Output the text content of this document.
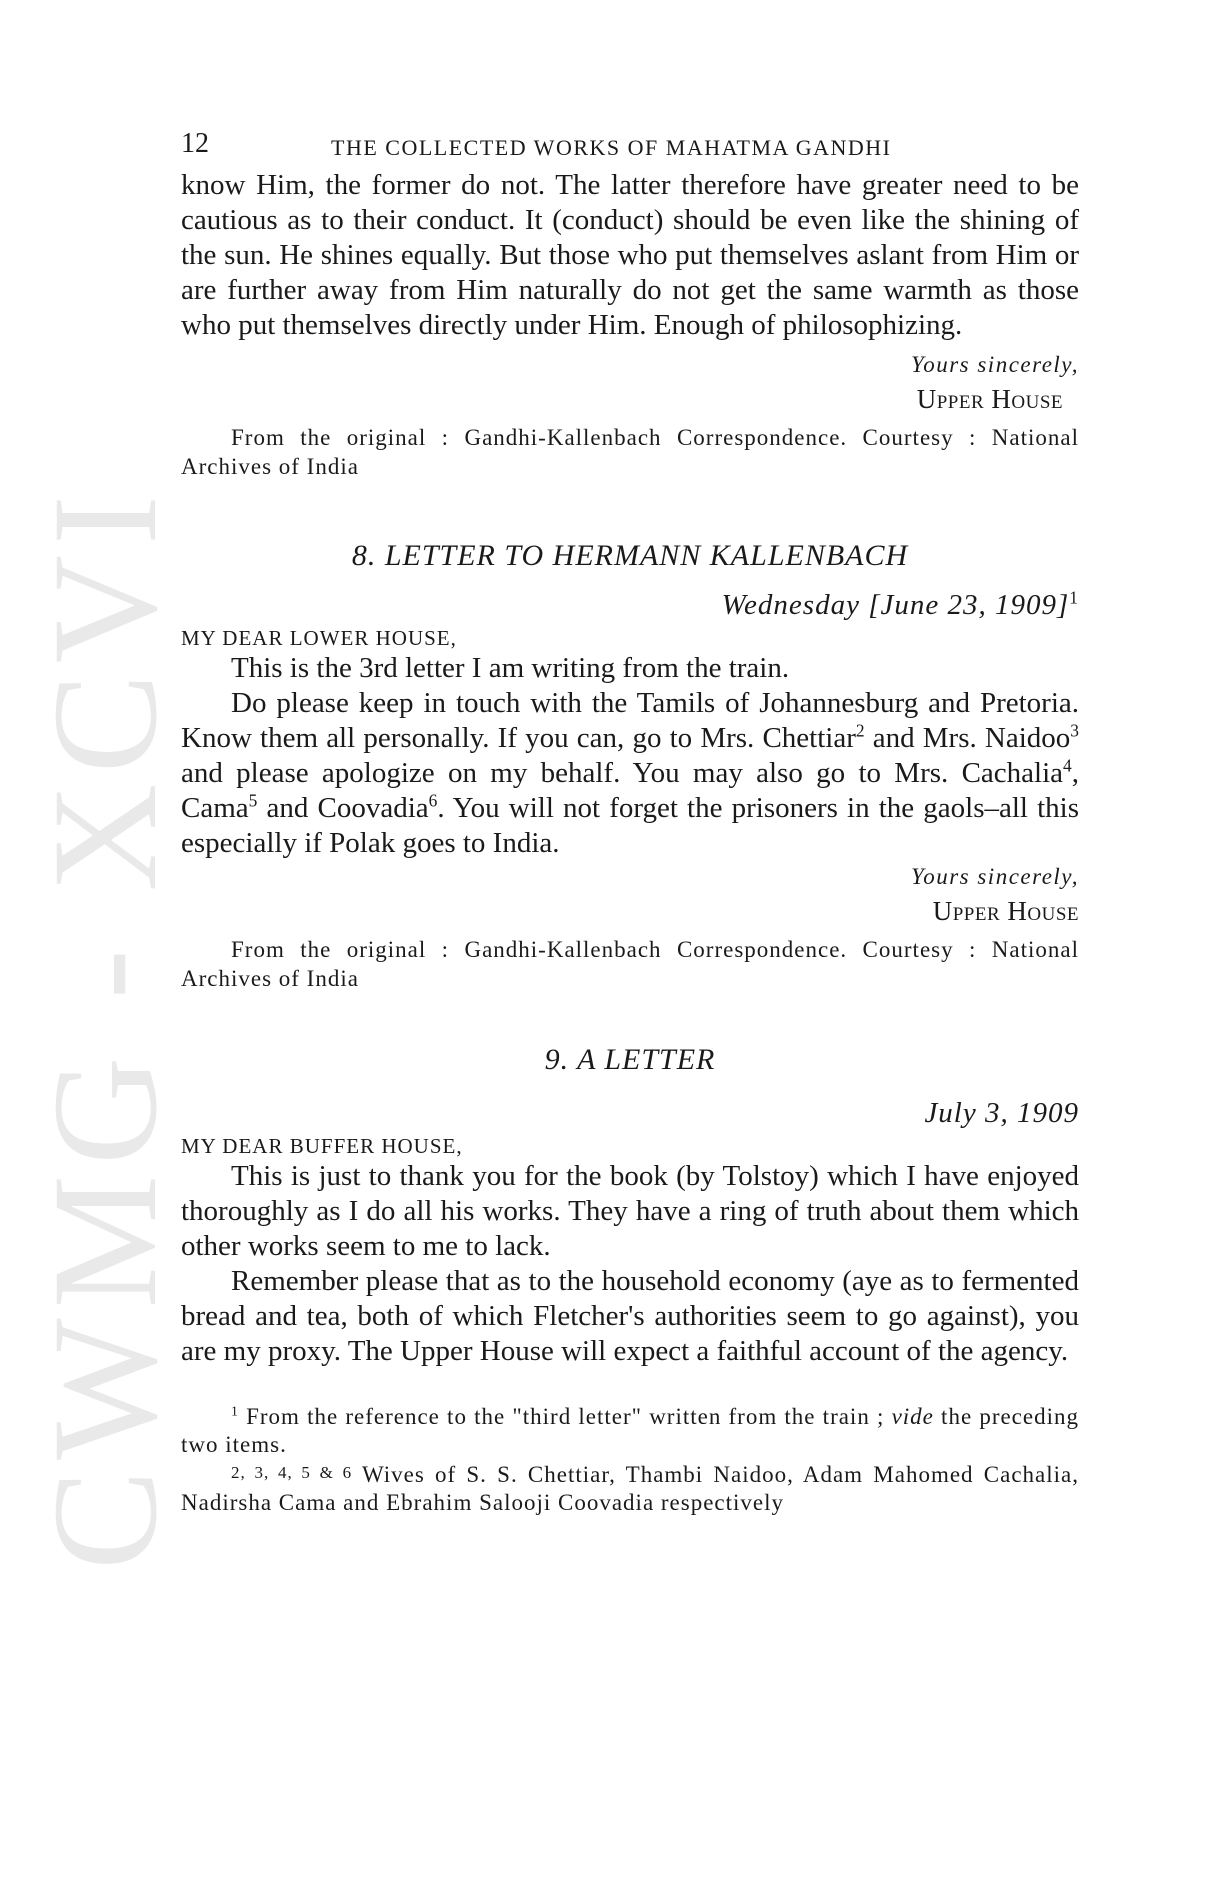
CWMG - XCVI
12	THE COLLECTED WORKS OF MAHATMA GANDHI

know Him, the former do not. The latter therefore have greater need to be cautious as to their conduct. It (conduct) should be even like the shining of the sun. He shines equally. But those who put themselves aslant from Him or are further away from Him naturally do not get the same warmth as those who put themselves directly under Him. Enough of philosophizing.

Yours sincerely,

Upper House

From the original : Gandhi-Kallenbach Correspondence. Courtesy : National Archives of India

8. LETTER TO HERMANN KALLENBACH

Wednesday [June 23, 1909]$^1$

MY DEAR LOWER HOUSE,

This is the 3rd letter I am writing from the train.

Do please keep in touch with the Tamils of Johannesburg and Pretoria. Know them all personally. If you can, go to Mrs. Chettiar$^2$ and Mrs. Naidoo$^3$ and please apologize on my behalf. You may also go to Mrs. Cachalia$^4$, Cama$^5$ and Coovadia$^6$. You will not forget the prisoners in the gaols–all this especially if Polak goes to India.

Yours sincerely,

Upper House

From the original : Gandhi-Kallenbach Correspondence. Courtesy : National Archives of India

9. A LETTER

July 3, 1909

MY DEAR BUFFER HOUSE,

This is just to thank you for the book (by Tolstoy) which I have enjoyed thoroughly as I do all his works. They have a ring of truth about them which other works seem to me to lack.

Remember please that as to the household economy (aye as to fermented bread and tea, both of which Fletcher's authorities seem to go against), you are my proxy. The Upper House will expect a faithful account of the agency.

$^1$ From the reference to the "third letter" written from the train ; vide the preceding two items.

2, 3, 4, 5 & 6 Wives of S. S. Chettiar, Thambi Naidoo, Adam Mahomed Cachalia, Nadirsha Cama and Ebrahim Salooji Coovadia respectively
